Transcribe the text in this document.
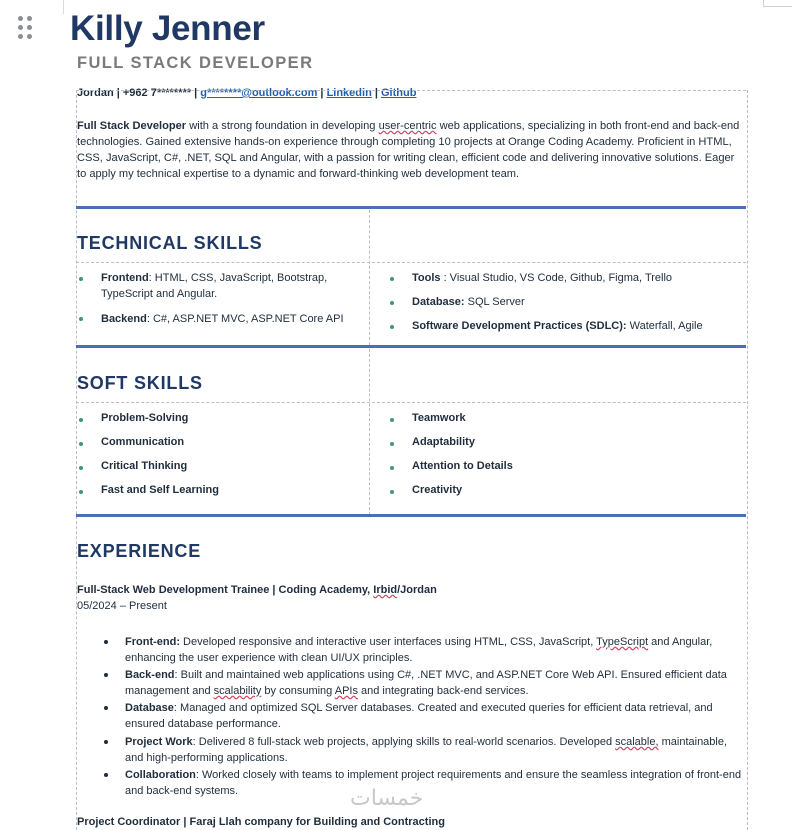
Killy Jenner
FULL STACK DEVELOPER
Jordan | +962 7******** | g********@outlook.com | Linkedin | Github
Full Stack Developer with a strong foundation in developing user-centric web applications, specializing in both front-end and back-end technologies. Gained extensive hands-on experience through completing 10 projects at Orange Coding Academy. Proficient in HTML, CSS, JavaScript, C#, .NET, SQL and Angular, with a passion for writing clean, efficient code and delivering innovative solutions. Eager to apply my technical expertise to a dynamic and forward-thinking web development team.
TECHNICAL SKILLS
Frontend: HTML, CSS, JavaScript, Bootstrap, TypeScript and Angular.
Backend: C#, ASP.NET MVC, ASP.NET Core API
Tools : Visual Studio, VS Code, Github, Figma, Trello
Database: SQL Server
Software Development Practices (SDLC): Waterfall, Agile
SOFT SKILLS
Problem-Solving
Communication
Critical Thinking
Fast and Self Learning
Teamwork
Adaptability
Attention to Details
Creativity
EXPERIENCE
Full-Stack Web Development Trainee | Coding Academy, Irbid/Jordan
05/2024 – Present
Front-end: Developed responsive and interactive user interfaces using HTML, CSS, JavaScript, TypeScript and Angular, enhancing the user experience with clean UI/UX principles.
Back-end: Built and maintained web applications using C#, .NET MVC, and ASP.NET Core Web API. Ensured efficient data management and scalability by consuming APIs and integrating back-end services.
Database: Managed and optimized SQL Server databases. Created and executed queries for efficient data retrieval, and ensured database performance.
Project Work: Delivered 8 full-stack web projects, applying skills to real-world scenarios. Developed scalable, maintainable, and high-performing applications.
Collaboration: Worked closely with teams to implement project requirements and ensure the seamless integration of front-end and back-end systems.
Project Coordinator | Faraj Llah company for Building and Contracting
خمسات
